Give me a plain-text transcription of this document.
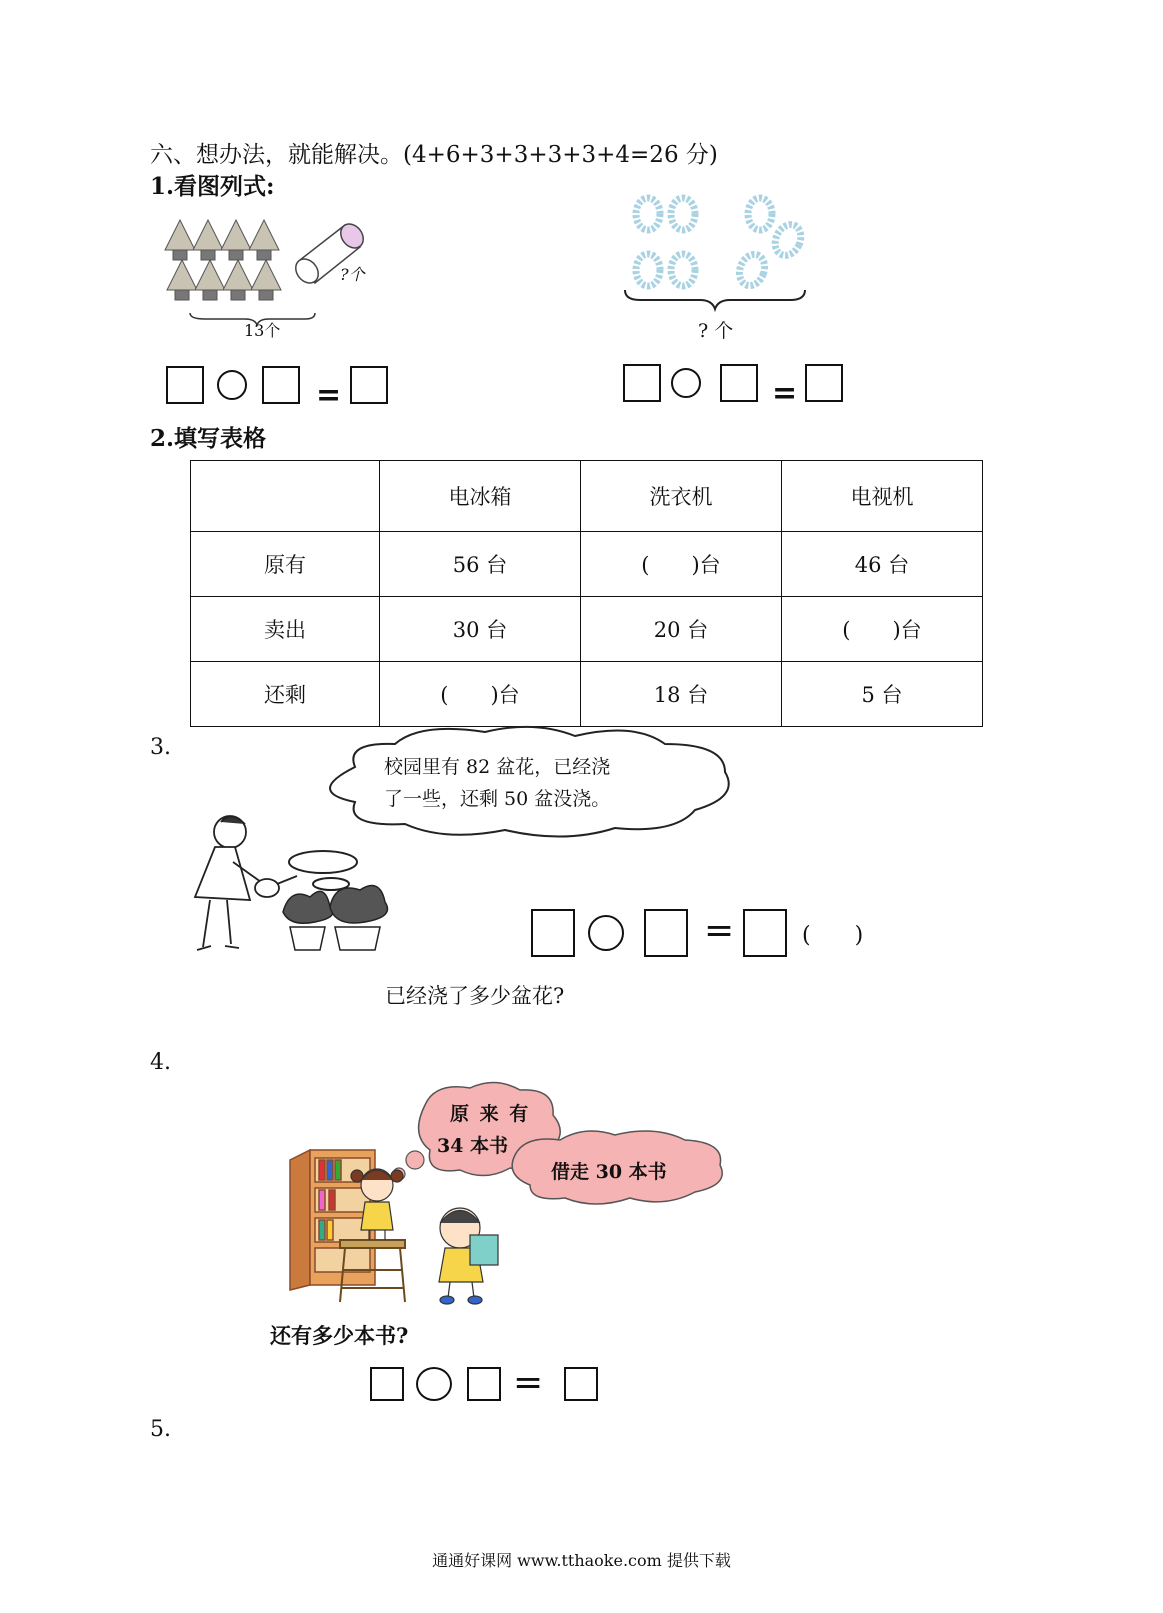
六、想办法，就能解决。(4+6+3+3+3+3+4=26 分)
1.看图列式:
13个
?个
=
? 个
=
2.填写表格
	电冰箱	洗衣机	电视机
原有	56 台	(　　)台	46 台
卖出	30 台	20 台	(　　)台
还剩	(　　)台	18 台	5 台
3.
校园里有 82 盆花，已经浇
了一些，还剩 50 盆没浇。
=	(　　)
已经浇了多少盆花?
4.
原 来 有
34 本书
借走 30 本书
还有多少本书?
=
5.
通通好课网 www.tthaoke.com 提供下载
